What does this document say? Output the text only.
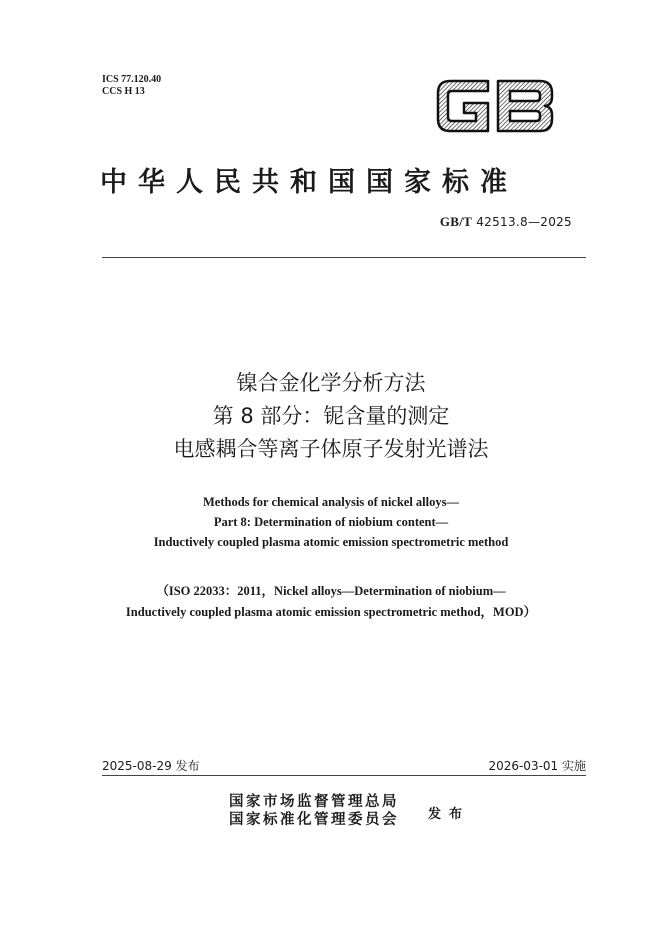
ICS 77.120.40
CCS H 13
中华人民共和国国家标准
GB/T 42513.8—2025
镍合金化学分析方法
第 8 部分：铌含量的测定
电感耦合等离子体原子发射光谱法
Methods for chemical analysis of nickel alloys—
Part 8: Determination of niobium content—
Inductively coupled plasma atomic emission spectrometric method
（ISO 22033：2011，Nickel alloys—Determination of niobium—
Inductively coupled plasma atomic emission spectrometric method，MOD）
2025-08-29 发布	2026-03-01 实施
国家市场监督管理总局
国家标准化管理委员会 发布
